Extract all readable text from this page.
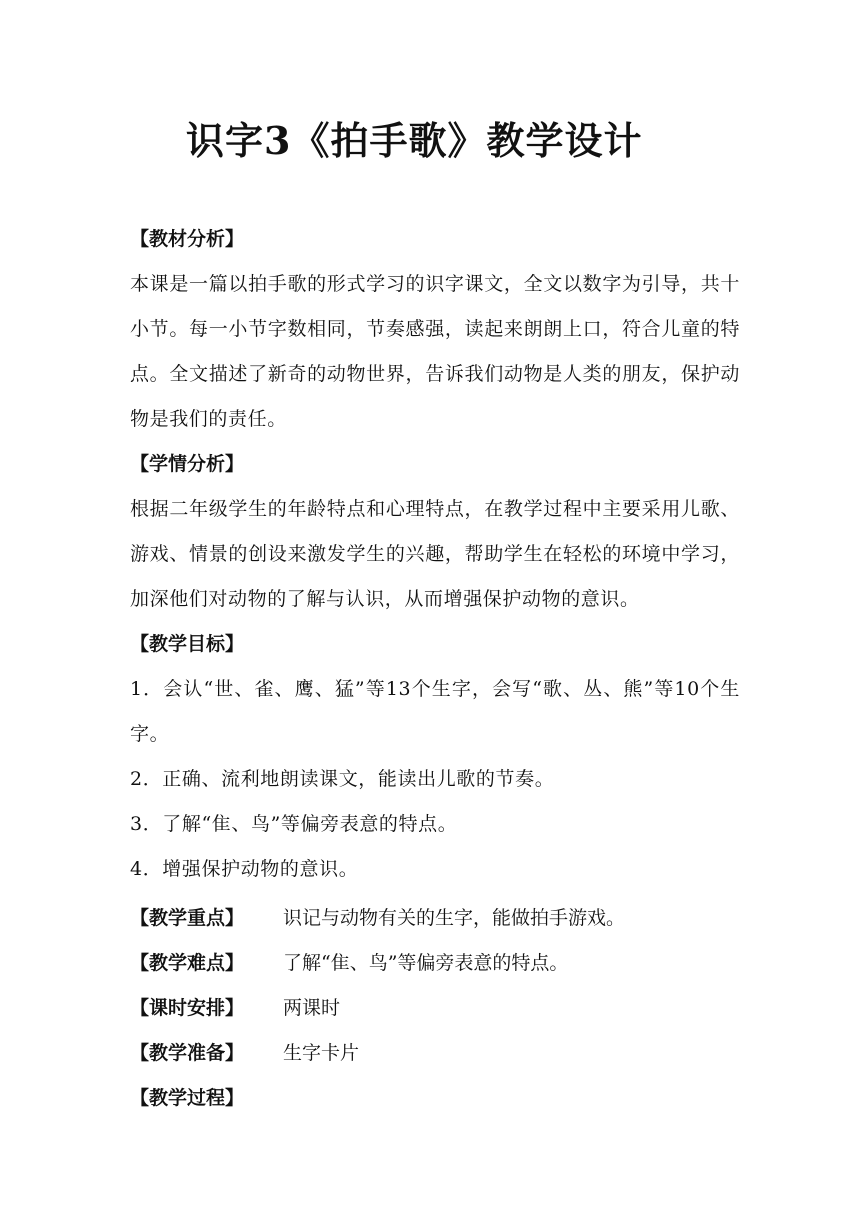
识字3《拍手歌》教学设计
【教材分析】
本课是一篇以拍手歌的形式学习的识字课文，全文以数字为引导，共十小节。每一小节字数相同，节奏感强，读起来朗朗上口，符合儿童的特点。全文描述了新奇的动物世界，告诉我们动物是人类的朋友，保护动物是我们的责任。
【学情分析】
根据二年级学生的年龄特点和心理特点，在教学过程中主要采用儿歌、游戏、情景的创设来激发学生的兴趣，帮助学生在轻松的环境中学习，加深他们对动物的了解与认识，从而增强保护动物的意识。
【教学目标】
1．会认“世、雀、鹰、猛”等13个生字，会写“歌、丛、熊”等10个生字。
2．正确、流利地朗读课文，能读出儿歌的节奏。
3．了解“隹、鸟”等偏旁表意的特点。
4．增强保护动物的意识。
【教学重点】 识记与动物有关的生字，能做拍手游戏。
【教学难点】 了解“隹、鸟”等偏旁表意的特点。
【课时安排】 两课时
【教学准备】 生字卡片
【教学过程】
